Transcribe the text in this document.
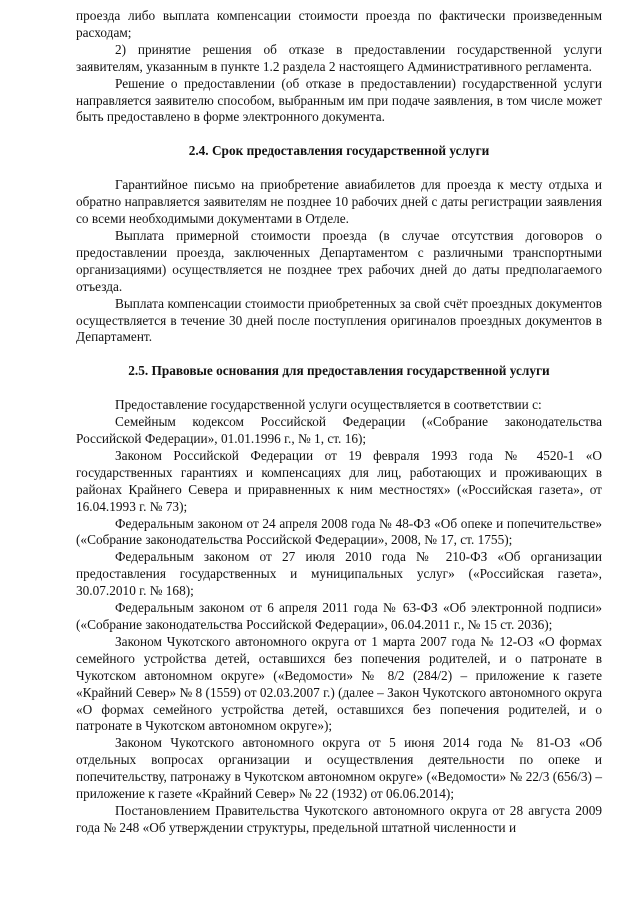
проезда либо выплата компенсации стоимости проезда по фактически произведенным расходам;

2) принятие решения об отказе в предоставлении государственной услуги заявителям, указанным в пункте 1.2 раздела 2 настоящего Административного регламента.

Решение о предоставлении (об отказе в предоставлении) государственной услуги направляется заявителю способом, выбранным им при подаче заявления, в том числе может быть предоставлено в форме электронного документа.

2.4. Срок предоставления государственной услуги

Гарантийное письмо на приобретение авиабилетов для проезда к месту отдыха и обратно направляется заявителям не позднее 10 рабочих дней с даты регистрации заявления со всеми необходимыми документами в Отделе.

Выплата примерной стоимости проезда (в случае отсутствия договоров о предоставлении проезда, заключенных Департаментом с различными транспортными организациями) осуществляется не позднее трех рабочих дней до даты предполагаемого отъезда.

Выплата компенсации стоимости приобретенных за свой счёт проездных документов осуществляется в течение 30 дней после поступления оригиналов проездных документов в Департамент.

2.5. Правовые основания для предоставления государственной услуги

Предоставление государственной услуги осуществляется в соответствии с:

Семейным кодексом Российской Федерации («Собрание законодательства Российской Федерации», 01.01.1996 г., № 1, ст. 16);

Законом Российской Федерации от 19 февраля 1993 года № 4520-1 «О государственных гарантиях и компенсациях для лиц, работающих и проживающих в районах Крайнего Севера и приравненных к ним местностях» («Российская газета», от 16.04.1993 г. № 73);

Федеральным законом от 24 апреля 2008 года № 48-ФЗ «Об опеке и попечительстве» («Собрание законодательства Российской Федерации», 2008, № 17, ст. 1755);

Федеральным законом от 27 июля 2010 года № 210-ФЗ «Об организации предоставления государственных и муниципальных услуг» («Российская газета», 30.07.2010 г. № 168);

Федеральным законом от 6 апреля 2011 года № 63-ФЗ «Об электронной подписи» («Собрание законодательства Российской Федерации», 06.04.2011 г., № 15 ст. 2036);

Законом Чукотского автономного округа от 1 марта 2007 года № 12-ОЗ «О формах семейного устройства детей, оставшихся без попечения родителей, и о патронате в Чукотском автономном округе» («Ведомости» № 8/2 (284/2) – приложение к газете «Крайний Север» № 8 (1559) от 02.03.2007 г.) (далее – Закон Чукотского автономного округа «О формах семейного устройства детей, оставшихся без попечения родителей, и о патронате в Чукотском автономном округе»);

Законом Чукотского автономного округа от 5 июня 2014 года № 81-ОЗ «Об отдельных вопросах организации и осуществления деятельности по опеке и попечительству, патронажу в Чукотском автономном округе» («Ведомости» № 22/3 (656/3) – приложение к газете «Крайний Север» № 22 (1932) от 06.06.2014);

Постановлением Правительства Чукотского автономного округа от 28 августа 2009 года № 248 «Об утверждении структуры, предельной штатной численности и
